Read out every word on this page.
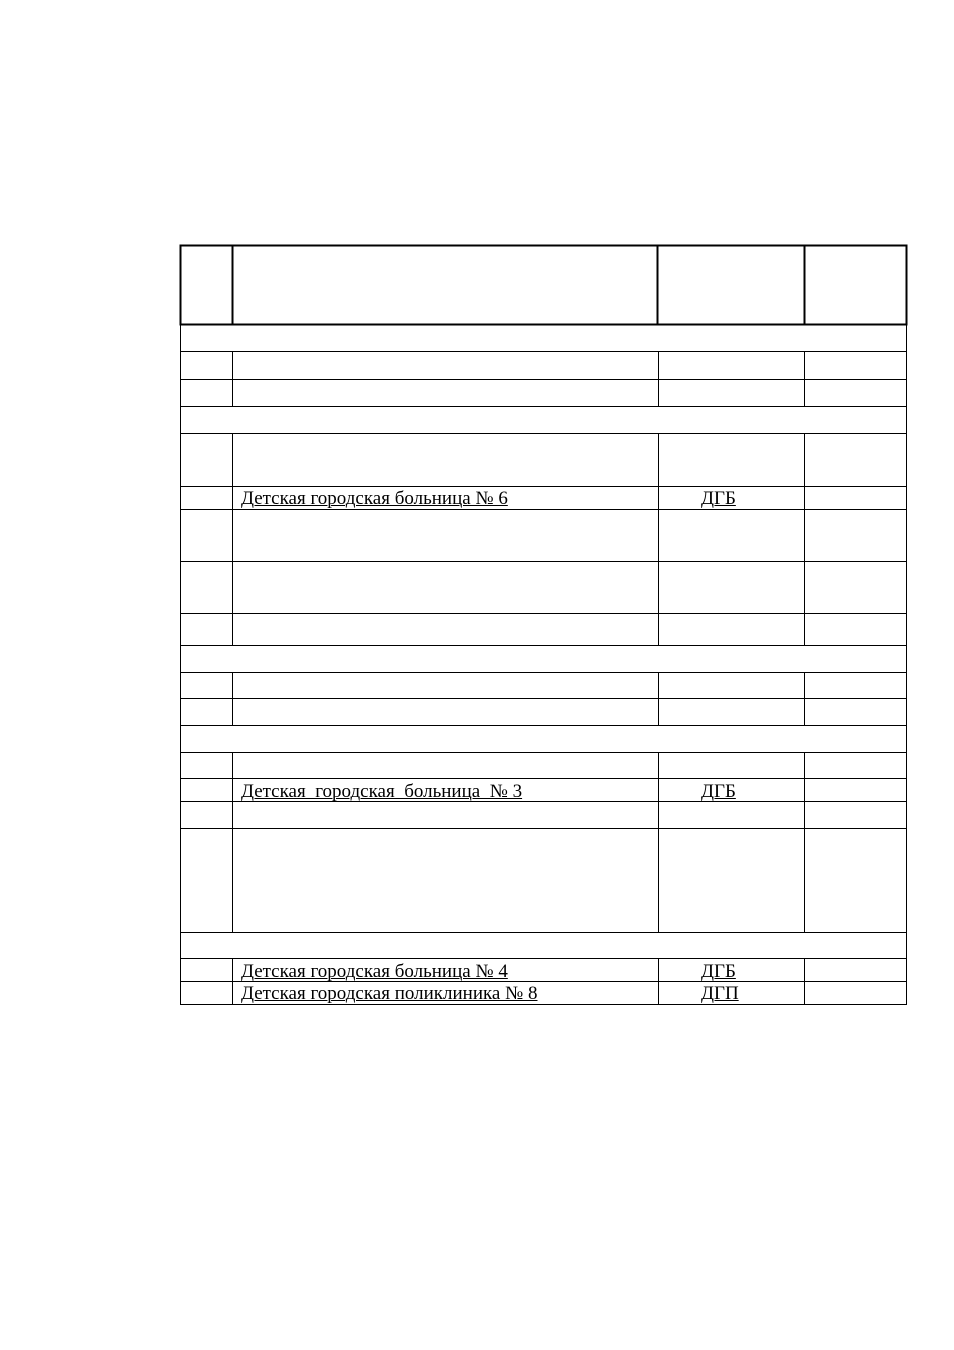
Детская городская больница № 6	ДГБ
Детская  городская  больница  № 3	ДГБ
Детская городская больница № 4	ДГБ
Детская городская поликлиника № 8	ДГП
